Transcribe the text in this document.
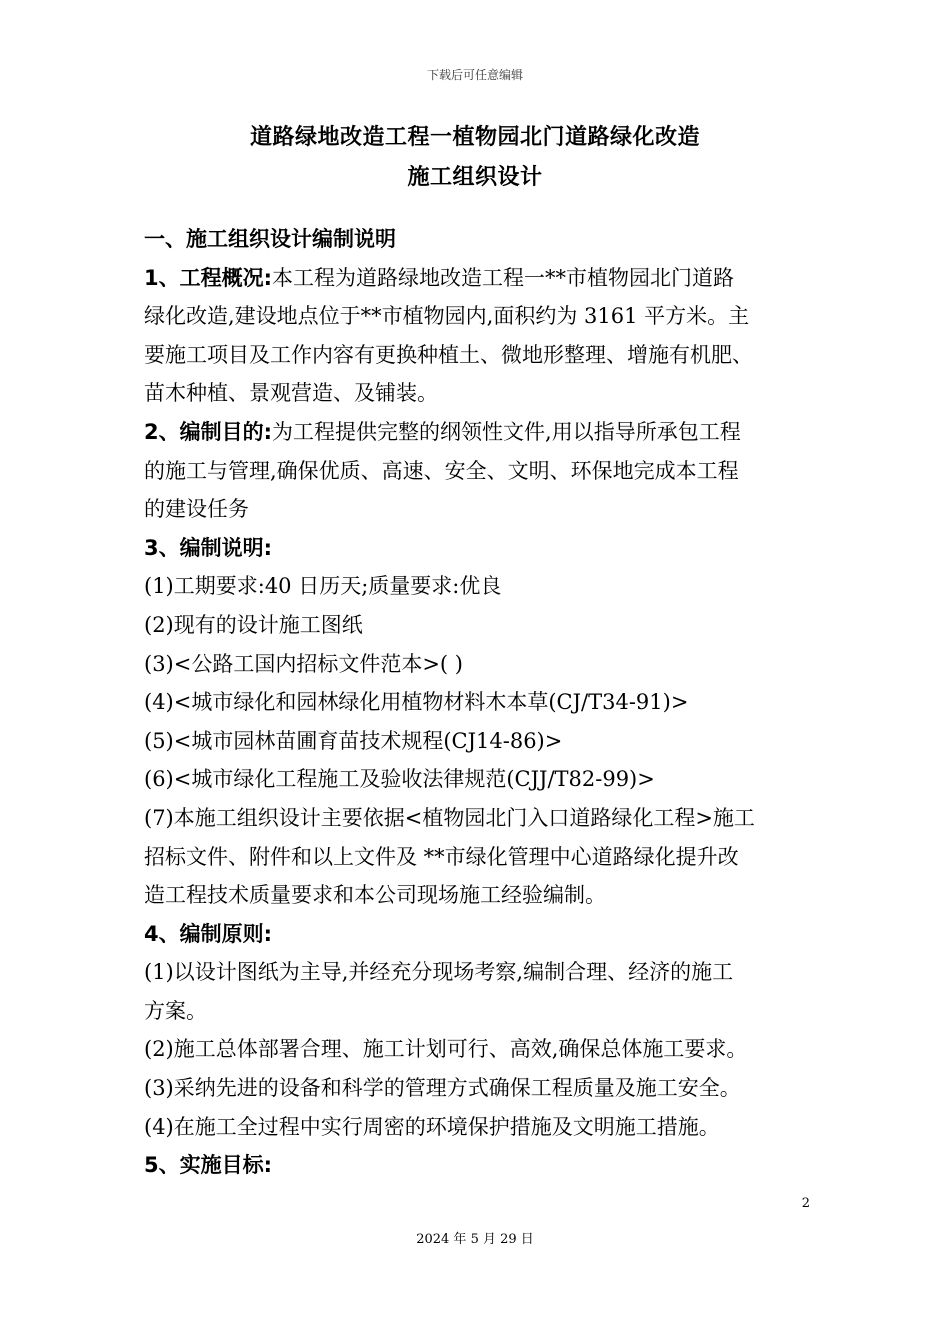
下载后可任意编辑
道路绿地改造工程一植物园北门道路绿化改造
施工组织设计
一、施工组织设计编制说明
1、工程概况:本工程为道路绿地改造工程一**市植物园北门道路
绿化改造,建设地点位于**市植物园内,面积约为 3161 平方米。主
要施工项目及工作内容有更换种植土、微地形整理、增施有机肥、
苗木种植、景观营造、及铺装。
2、编制目的:为工程提供完整的纲领性文件,用以指导所承包工程
的施工与管理,确保优质、高速、安全、文明、环保地完成本工程
的建设任务
3、编制说明:
(1)工期要求:40 日历天;质量要求:优良
(2)现有的设计施工图纸
(3)<公路工国内招标文件范本>( )
(4)<城市绿化和园林绿化用植物材料木本草(CJ/T34-91)>
(5)<城市园林苗圃育苗技术规程(CJ14-86)>
(6)<城市绿化工程施工及验收法律规范(CJJ/T82-99)>
(7)本施工组织设计主要依据<植物园北门入口道路绿化工程>施工
招标文件、附件和以上文件及 **市绿化管理中心道路绿化提升改
造工程技术质量要求和本公司现场施工经验编制。
4、编制原则:
(1)以设计图纸为主导,并经充分现场考察,编制合理、经济的施工
方案。
(2)施工总体部署合理、施工计划可行、高效,确保总体施工要求。
(3)采纳先进的设备和科学的管理方式确保工程质量及施工安全。
(4)在施工全过程中实行周密的环境保护措施及文明施工措施。
5、实施目标:
2
2024 年 5 月 29 日
